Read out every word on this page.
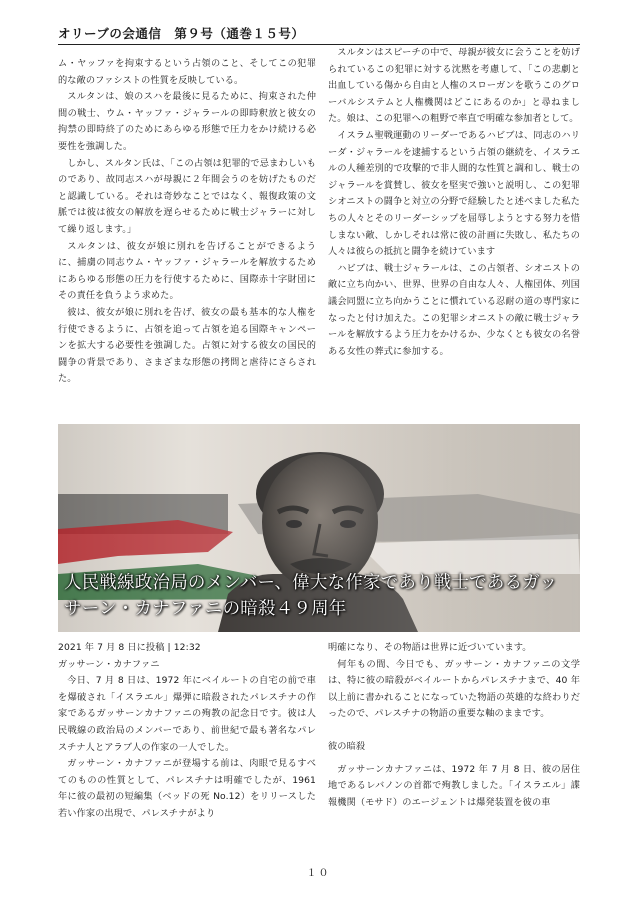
オリーブの会通信　第９号（通巻１５号）

ム・ヤッファを拘束するという占領のこと、そしてこの犯罪的な敵のファシストの性質を反映している。

スルタンは、娘のスハを最後に見るために、拘束された仲間の戦士、ウム・ヤッファ・ジャラールの即時釈放と彼女の拘禁の即時終了のためにあらゆる形態で圧力をかけ続ける必要性を強調した。

しかし、スルタン氏は、「この占領は犯罪的で忌まわしいものであり、故同志スハが母親に２年間会うのを妨げたものだと認識している。それは奇妙なことではなく、報復政策の文脈では彼は彼女の解放を遅らせるために戦士ジャラーに対して繰り返します。」

スルタンは、彼女が娘に別れを告げることができるように、捕虜の同志ウム・ヤッファ・ジャラールを解放するためにあらゆる形態の圧力を行使するために、国際赤十字財団にその責任を負うよう求めた。

彼は、彼女が娘に別れを告げ、彼女の最も基本的な人権を行使できるように、占領を追って占領を追る国際キャンペーンを拡大する必要性を強調した。占領に対する彼女の国民的闘争の背景であり、さまざまな形態の拷問と虐待にさらされた。

スルタンはスピーチの中で、母親が彼女に会うことを妨げられているこの犯罪に対する沈黙を考慮して、「この悲劇と出血している傷から自由と人権のスローガンを歌うこのグローバルシステムと人権機関はどこにあるのか」と尋ねました。娘は、この犯罪への粗野で率直で明確な参加者として。

イスラム聖戦運動のリーダーであるハビブは、同志のハリーダ・ジャラールを逮捕するという占領の継続を、イスラエルの人種差別的で攻撃的で非人間的な性質と調和し、戦士のジャラールを賞賛し、彼女を堅実で強いと説明し、この犯罪シオニストの闘争と対立の分野で経験したと述べました私たちの人々とそのリーダーシップを屈辱しようとする努力を惜しまない敵、しかしそれは常に彼の計画に失敗し、私たちの人々は彼らの抵抗と闘争を続けています

ハビブは、戦士ジャラールは、この占領者、シオニストの敵に立ち向かい、世界、世界の自由な人々、人権団体、列国議会同盟に立ち向かうことに慣れている忍耐の道の専門家になったと付け加えた。この犯罪シオニストの敵に戦士ジャラールを解放するよう圧力をかけるか、少なくとも彼女の名誉ある女性の葬式に参加する。

人民戦線政治局のメンバー、偉大な作家であり戦士であるガッサーン・カナファニの暗殺４９周年

2021 年 7 月 8 日に投稿 | 12:32

ガッサーン・カナファニ

今日、7 月 8 日は、1972 年にベイルートの自宅の前で車を爆破され「イスラエル」爆弾に暗殺されたパレスチナの作家であるガッサーンカナファニの殉教の記念日です。彼は人民戦線の政治局のメンバーであり、前世紀で最も著名なパレスチナ人とアラブ人の作家の一人でした。

ガッサーン・カナファニが登場する前は、肉眼で見るすべてのものの性質として、パレスチナは明確でしたが、1961 年に彼の最初の短編集（ベッドの死 No.12）をリリースした若い作家の出現で、パレスチナがより

明確になり、その物語は世界に近づいています。

何年もの間、今日でも、ガッサーン・カナファニの文学は、特に彼の暗殺がベイルートからパレスチナまで、40 年以上前に書かれることになっていた物語の英雄的な終わりだったので、パレスチナの物語の重要な軸のままです。

彼の暗殺

ガッサーンカナファニは、1972 年 7 月 8 日、彼の居住地であるレバノンの首都で殉教しました。「イスラエル」諜報機関（モサド）のエージェントは爆発装置を彼の車

１０
